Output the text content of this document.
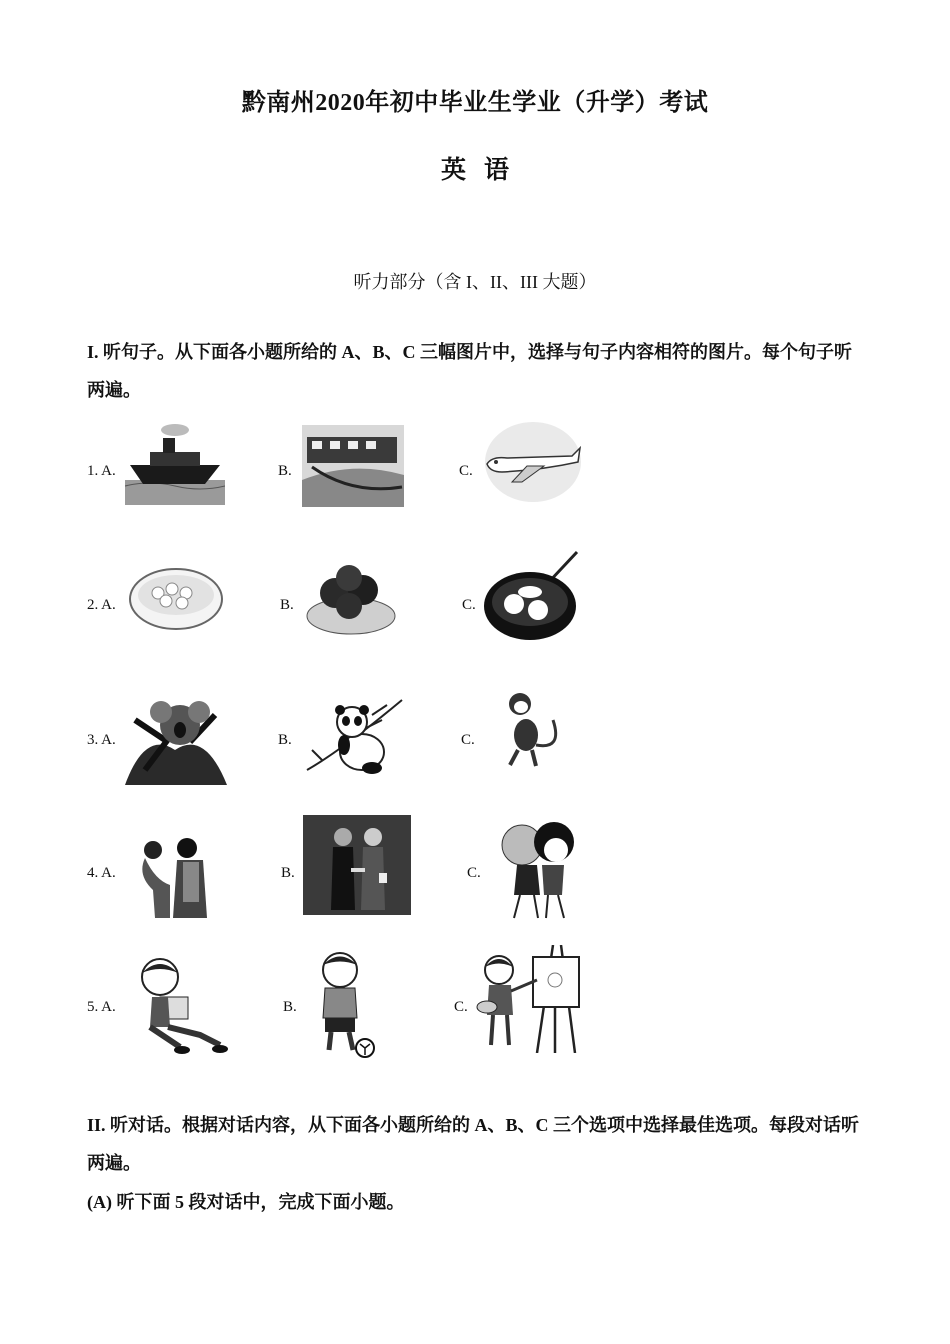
黔南州2020年初中毕业生学业（升学）考试
英语
听力部分（含 I、II、III 大题）
I. 听句子。从下面各小题所给的 A、B、C 三幅图片中，选择与句子内容相符的图片。每个句子听两遍。
1. A.	B.	C.
2. A.	B.	C.
3. A.	B.	C.
4. A.	B.	C.
5. A.	B.	C.
II. 听对话。根据对话内容，从下面各小题所给的 A、B、C 三个选项中选择最佳选项。每段对话听两遍。
(A) 听下面 5 段对话中，完成下面小题。
